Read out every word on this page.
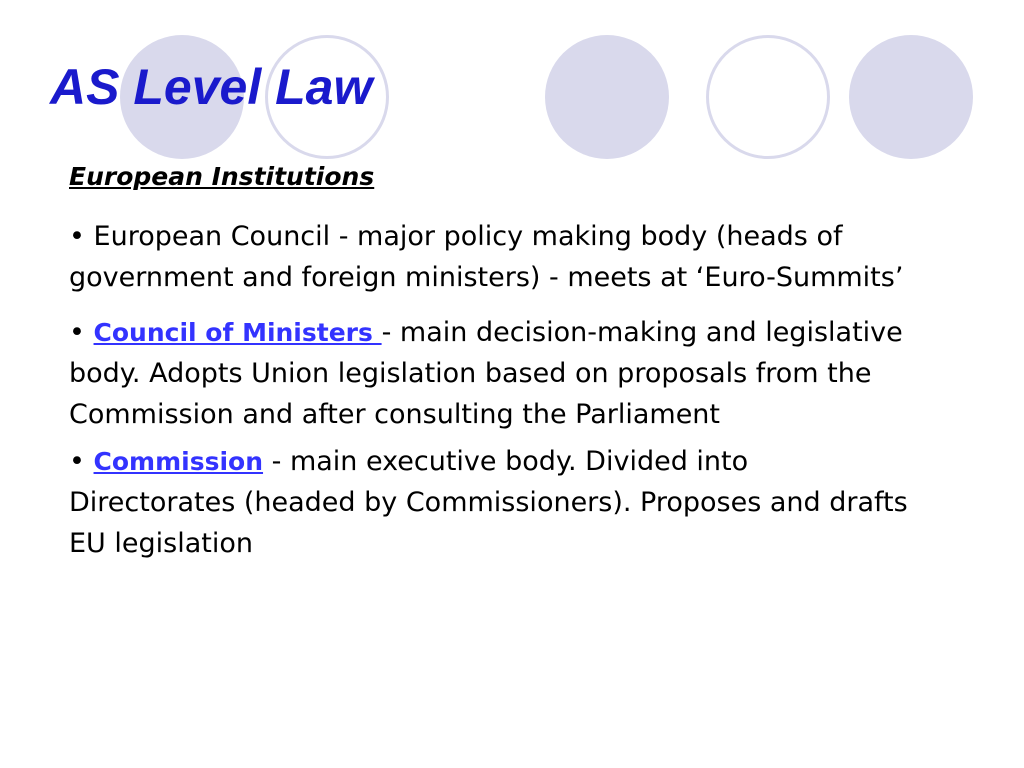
AS Level Law

European Institutions

• European Council - major policy making body (heads of government and foreign ministers) - meets at ‘Euro-Summits’

• Council of Ministers - main decision-making and legislative body. Adopts Union legislation based on proposals from the Commission and after consulting the Parliament

• Commission - main executive body. Divided into Directorates (headed by Commissioners). Proposes and drafts EU legislation
